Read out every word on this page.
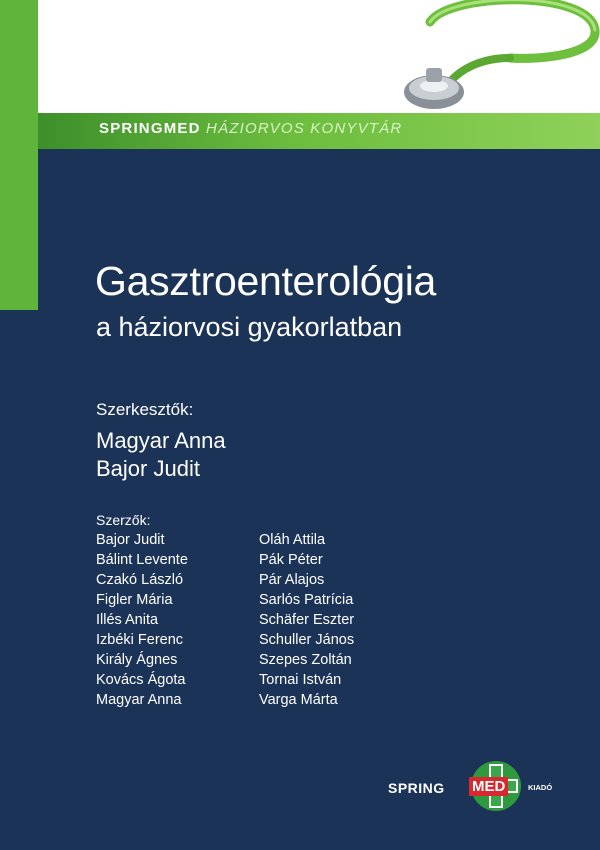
SPRINGMED HÁZIORVOS KONYVTÁR
Gasztroenterológia
a háziorvosi gyakorlatban
Szerkesztők:
Magyar Anna
Bajor Judit
Szerzők:
Bajor Judit
Bálint Levente
Czakó László
Figler Mária
Illés Anita
Izbéki Ferenc
Király Ágnes
Kovács Ágota
Magyar Anna
Oláh Attila
Pák Péter
Pár Alajos
Sarlós Patrícia
Schäfer Eszter
Schuller János
Szepes Zoltán
Tornai István
Varga Márta
SPRING MED	KIADÓ
